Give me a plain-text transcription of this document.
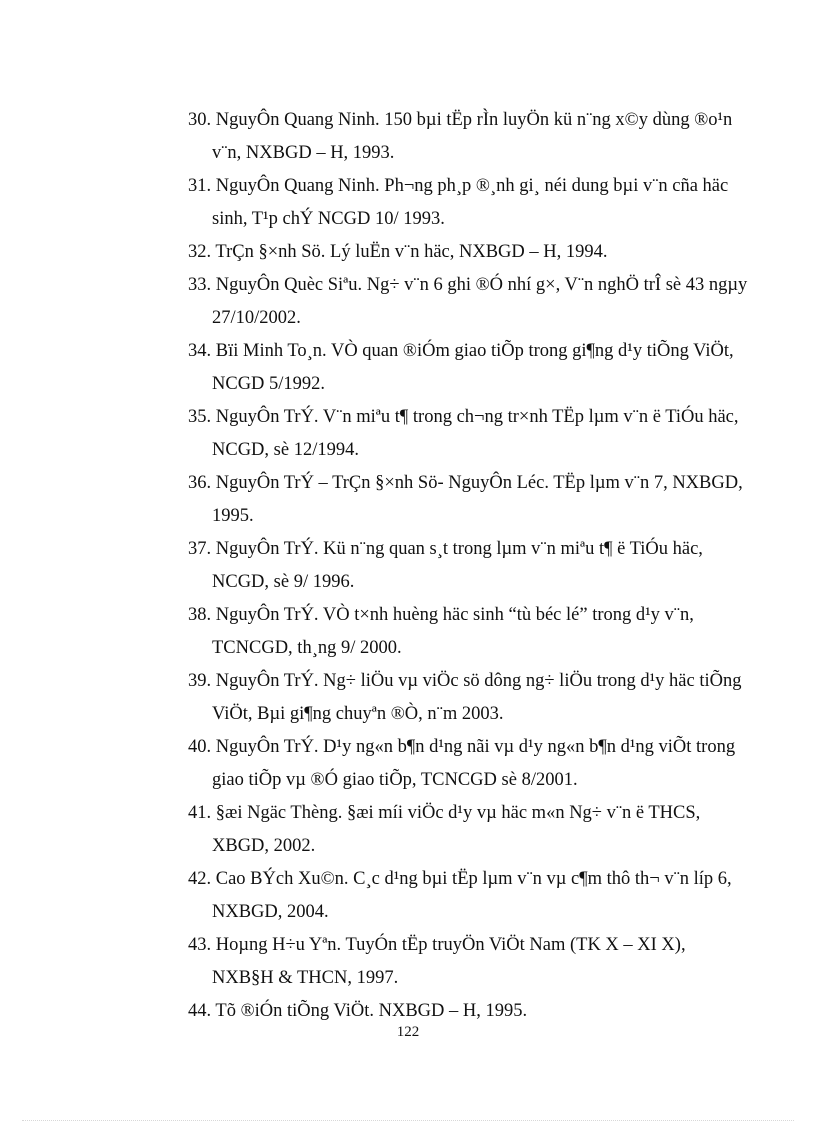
30. NguyÔn Quang Ninh. 150 bµi tËp rÌn luyÖn kü n¨ng x©y dùng ®o¹n v¨n, NXBGD – H, 1993.
31. NguyÔn Quang Ninh. Ph¬ng ph¸p ®¸nh gi¸ néi dung bµi v¨n cña häc sinh, T¹p chÝ NCGD 10/ 1993.
32. TrÇn §×nh Sö. Lý luËn v¨n häc, NXBGD – H, 1994.
33. NguyÔn Quèc Siªu. Ng÷ v¨n 6 ghi ®Ó nhí g×, V¨n nghÖ trÎ sè 43 ngµy 27/10/2002.
34. Bïi Minh To¸n. VÒ quan ®iÓm giao tiÕp trong gi¶ng d¹y tiÕng ViÖt, NCGD 5/1992.
35. NguyÔn TrÝ. V¨n miªu t¶ trong ch¬ng tr×nh TËp lµm v¨n ë TiÓu häc, NCGD, sè 12/1994.
36. NguyÔn TrÝ – TrÇn §×nh Sö- NguyÔn Léc. TËp lµm v¨n 7, NXBGD, 1995.
37. NguyÔn TrÝ. Kü n¨ng quan s¸t trong lµm v¨n miªu t¶ ë TiÓu häc, NCGD, sè 9/ 1996.
38. NguyÔn TrÝ. VÒ t×nh huèng häc sinh “tù béc lé” trong d¹y v¨n, TCNCGD, th¸ng 9/ 2000.
39. NguyÔn TrÝ. Ng÷ liÖu vµ viÖc sö dông ng÷ liÖu trong d¹y häc tiÕng ViÖt, Bµi gi¶ng chuyªn ®Ò, n¨m 2003.
40. NguyÔn TrÝ. D¹y ng«n b¶n d¹ng nãi vµ d¹y ng«n b¶n d¹ng viÕt trong giao tiÕp vµ ®Ó giao tiÕp, TCNCGD sè 8/2001.
41. §æi Ngäc Thèng. §æi míi viÖc d¹y vµ häc m«n Ng÷ v¨n ë THCS, XBGD, 2002.
42. Cao BÝch Xu©n. C¸c d¹ng bµi tËp lµm v¨n vµ c¶m thô th¬ v¨n líp 6, NXBGD, 2004.
43. Hoµng H÷u Yªn. TuyÓn tËp truyÖn ViÖt Nam (TK X – XI X), NXB§H & THCN, 1997.
44. Tõ ®iÓn tiÕng ViÖt. NXBGD – H, 1995.
122
